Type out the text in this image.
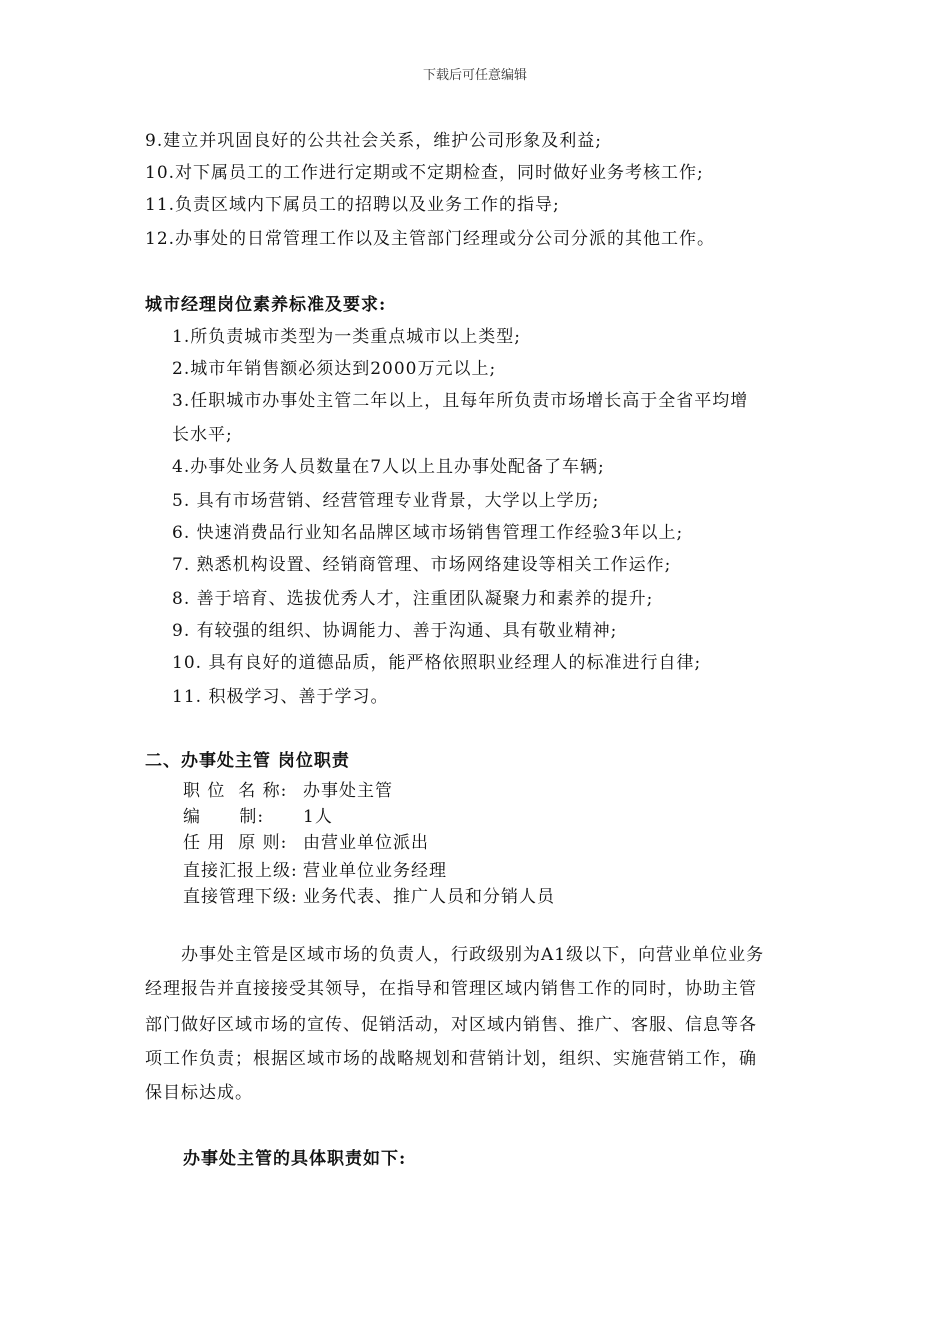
下载后可任意编辑
9.建立并巩固良好的公共社会关系，维护公司形象及利益;
10.对下属员工的工作进行定期或不定期检查，同时做好业务考核工作;
11.负责区域内下属员工的招聘以及业务工作的指导;
12.办事处的日常管理工作以及主管部门经理或分公司分派的其他工作。
城市经理岗位素养标准及要求:
1.所负责城市类型为一类重点城市以上类型;
2.城市年销售额必须达到2000万元以上;
3.任职城市办事处主管二年以上，且每年所负责市场增长高于全省平均增
长水平;
4.办事处业务人员数量在7人以上且办事处配备了车辆;
5. 具有市场营销、经营管理专业背景，大学以上学历;
6. 快速消费品行业知名品牌区域市场销售管理工作经验3年以上;
7. 熟悉机构设置、经销商管理、市场网络建设等相关工作运作;
8. 善于培育、选拔优秀人才，注重团队凝聚力和素养的提升;
9. 有较强的组织、协调能力、善于沟通、具有敬业精神;
10. 具有良好的道德品质，能严格依照职业经理人的标准进行自律;
11. 积极学习、善于学习。
二、办事处主管 岗位职责
职 位  名 称: 办事处主管
编      制: 1人
任 用  原 则: 由营业单位派出
直接汇报上级: 营业单位业务经理
直接管理下级: 业务代表、推广人员和分销人员
　　办事处主管是区域市场的负责人，行政级别为A1级以下，向营业单位业务
经理报告并直接接受其领导，在指导和管理区域内销售工作的同时，协助主管
部门做好区域市场的宣传、促销活动，对区域内销售、推广、客服、信息等各
项工作负责；根据区域市场的战略规划和营销计划，组织、实施营销工作，确
保目标达成。
办事处主管的具体职责如下:
